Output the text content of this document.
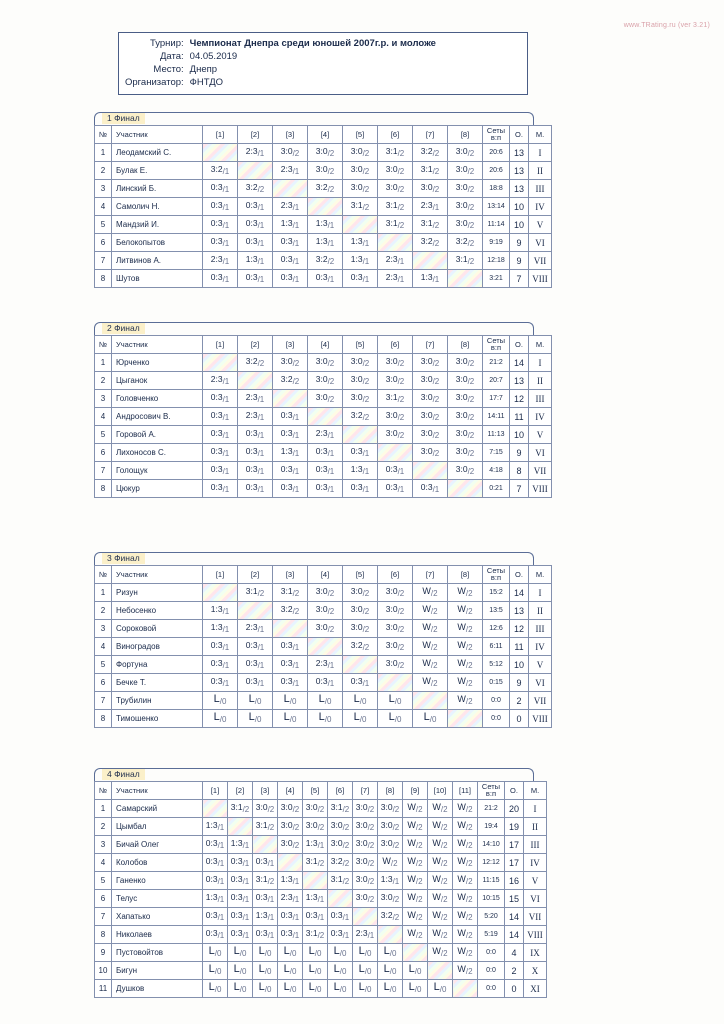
www.TRating.ru (ver 3.21)
Турнир:	Чемпионат Днепра среди юношей 2007г.р. и моложе
Дата:	04.05.2019
Место:	Днепр
Организатор:	ФНТДО
1 Финал
№	Участник	[1]	[2]	[3]	[4]	[5]	[6]	[7]	[8]	Сеты
в:п	О.	М.
1	Леодамский С.		$2:3_{/1}$	$3:0_{/2}$	$3:0_{/2}$	$3:0_{/2}$	$3:1_{/2}$	$3:2_{/2}$	$3:0_{/2}$	20:6	13	I
2	Булак Е.	$3:2_{/1}$		$2:3_{/1}$	$3:0_{/2}$	$3:0_{/2}$	$3:0_{/2}$	$3:1_{/2}$	$3:0_{/2}$	20:6	13	II
3	Линский Б.	$0:3_{/1}$	$3:2_{/2}$		$3:2_{/2}$	$3:0_{/2}$	$3:0_{/2}$	$3:0_{/2}$	$3:0_{/2}$	18:8	13	III
4	Самолич Н.	$0:3_{/1}$	$0:3_{/1}$	$2:3_{/1}$		$3:1_{/2}$	$3:1_{/2}$	$2:3_{/1}$	$3:0_{/2}$	13:14	10	IV
5	Мандзий И.	$0:3_{/1}$	$0:3_{/1}$	$1:3_{/1}$	$1:3_{/1}$		$3:1_{/2}$	$3:1_{/2}$	$3:0_{/2}$	11:14	10	V
6	Белокопытов	$0:3_{/1}$	$0:3_{/1}$	$0:3_{/1}$	$1:3_{/1}$	$1:3_{/1}$		$3:2_{/2}$	$3:2_{/2}$	9:19	9	VI
7	Литвинов А.	$2:3_{/1}$	$1:3_{/1}$	$0:3_{/1}$	$3:2_{/2}$	$1:3_{/1}$	$2:3_{/1}$		$3:1_{/2}$	12:18	9	VII
8	Шутов	$0:3_{/1}$	$0:3_{/1}$	$0:3_{/1}$	$0:3_{/1}$	$0:3_{/1}$	$2:3_{/1}$	$1:3_{/1}$		3:21	7	VIII
2 Финал
№	Участник	[1]	[2]	[3]	[4]	[5]	[6]	[7]	[8]	Сеты
в:п	О.	М.
1	Юрченко		$3:2_{/2}$	$3:0_{/2}$	$3:0_{/2}$	$3:0_{/2}$	$3:0_{/2}$	$3:0_{/2}$	$3:0_{/2}$	21:2	14	I
2	Цыганок	$2:3_{/1}$		$3:2_{/2}$	$3:0_{/2}$	$3:0_{/2}$	$3:0_{/2}$	$3:0_{/2}$	$3:0_{/2}$	20:7	13	II
3	Головченко	$0:3_{/1}$	$2:3_{/1}$		$3:0_{/2}$	$3:0_{/2}$	$3:1_{/2}$	$3:0_{/2}$	$3:0_{/2}$	17:7	12	III
4	Андросович В.	$0:3_{/1}$	$2:3_{/1}$	$0:3_{/1}$		$3:2_{/2}$	$3:0_{/2}$	$3:0_{/2}$	$3:0_{/2}$	14:11	11	IV
5	Горовой А.	$0:3_{/1}$	$0:3_{/1}$	$0:3_{/1}$	$2:3_{/1}$		$3:0_{/2}$	$3:0_{/2}$	$3:0_{/2}$	11:13	10	V
6	Лихоносов С.	$0:3_{/1}$	$0:3_{/1}$	$1:3_{/1}$	$0:3_{/1}$	$0:3_{/1}$		$3:0_{/2}$	$3:0_{/2}$	7:15	9	VI
7	Голощук	$0:3_{/1}$	$0:3_{/1}$	$0:3_{/1}$	$0:3_{/1}$	$1:3_{/1}$	$0:3_{/1}$		$3:0_{/2}$	4:18	8	VII
8	Цюкур	$0:3_{/1}$	$0:3_{/1}$	$0:3_{/1}$	$0:3_{/1}$	$0:3_{/1}$	$0:3_{/1}$	$0:3_{/1}$		0:21	7	VIII
3 Финал
№	Участник	[1]	[2]	[3]	[4]	[5]	[6]	[7]	[8]	Сеты
в:п	О.	М.
1	Ризун		$3:1_{/2}$	$3:1_{/2}$	$3:0_{/2}$	$3:0_{/2}$	$3:0_{/2}$	$W_{/2}$	$W_{/2}$	15:2	14	I
2	Небосенко	$1:3_{/1}$		$3:2_{/2}$	$3:0_{/2}$	$3:0_{/2}$	$3:0_{/2}$	$W_{/2}$	$W_{/2}$	13:5	13	II
3	Сороковой	$1:3_{/1}$	$2:3_{/1}$		$3:0_{/2}$	$3:0_{/2}$	$3:0_{/2}$	$W_{/2}$	$W_{/2}$	12:6	12	III
4	Виноградов	$0:3_{/1}$	$0:3_{/1}$	$0:3_{/1}$		$3:2_{/2}$	$3:0_{/2}$	$W_{/2}$	$W_{/2}$	6:11	11	IV
5	Фортуна	$0:3_{/1}$	$0:3_{/1}$	$0:3_{/1}$	$2:3_{/1}$		$3:0_{/2}$	$W_{/2}$	$W_{/2}$	5:12	10	V
6	Бечке Т.	$0:3_{/1}$	$0:3_{/1}$	$0:3_{/1}$	$0:3_{/1}$	$0:3_{/1}$		$W_{/2}$	$W_{/2}$	0:15	9	VI
7	Трубилин	$L_{/0}$	$L_{/0}$	$L_{/0}$	$L_{/0}$	$L_{/0}$	$L_{/0}$		$W_{/2}$	0:0	2	VII
8	Тимошенко	$L_{/0}$	$L_{/0}$	$L_{/0}$	$L_{/0}$	$L_{/0}$	$L_{/0}$	$L_{/0}$		0:0	0	VIII
4 Финал
№	Участник	[1]	[2]	[3]	[4]	[5]	[6]	[7]	[8]	[9]	[10]	[11]	Сеты
в:п	О.	М.
1	Самарский		$3:1_{/2}$	$3:0_{/2}$	$3:0_{/2}$	$3:0_{/2}$	$3:1_{/2}$	$3:0_{/2}$	$3:0_{/2}$	$W_{/2}$	$W_{/2}$	$W_{/2}$	21:2	20	I
2	Цымбал	$1:3_{/1}$		$3:1_{/2}$	$3:0_{/2}$	$3:0_{/2}$	$3:0_{/2}$	$3:0_{/2}$	$3:0_{/2}$	$W_{/2}$	$W_{/2}$	$W_{/2}$	19:4	19	II
3	Бичай Олег	$0:3_{/1}$	$1:3_{/1}$		$3:0_{/2}$	$1:3_{/1}$	$3:0_{/2}$	$3:0_{/2}$	$3:0_{/2}$	$W_{/2}$	$W_{/2}$	$W_{/2}$	14:10	17	III
4	Колобов	$0:3_{/1}$	$0:3_{/1}$	$0:3_{/1}$		$3:1_{/2}$	$3:2_{/2}$	$3:0_{/2}$	$W_{/2}$	$W_{/2}$	$W_{/2}$	$W_{/2}$	12:12	17	IV
5	Ганенко	$0:3_{/1}$	$0:3_{/1}$	$3:1_{/2}$	$1:3_{/1}$		$3:1_{/2}$	$3:0_{/2}$	$1:3_{/1}$	$W_{/2}$	$W_{/2}$	$W_{/2}$	11:15	16	V
6	Телус	$1:3_{/1}$	$0:3_{/1}$	$0:3_{/1}$	$2:3_{/1}$	$1:3_{/1}$		$3:0_{/2}$	$3:0_{/2}$	$W_{/2}$	$W_{/2}$	$W_{/2}$	10:15	15	VI
7	Хапатько	$0:3_{/1}$	$0:3_{/1}$	$1:3_{/1}$	$0:3_{/1}$	$0:3_{/1}$	$0:3_{/1}$		$3:2_{/2}$	$W_{/2}$	$W_{/2}$	$W_{/2}$	5:20	14	VII
8	Николаев	$0:3_{/1}$	$0:3_{/1}$	$0:3_{/1}$	$0:3_{/1}$	$3:1_{/2}$	$0:3_{/1}$	$2:3_{/1}$		$W_{/2}$	$W_{/2}$	$W_{/2}$	5:19	14	VIII
9	Пустовойтов	$L_{/0}$	$L_{/0}$	$L_{/0}$	$L_{/0}$	$L_{/0}$	$L_{/0}$	$L_{/0}$	$L_{/0}$		$W_{/2}$	$W_{/2}$	0:0	4	IX
10	Бигун	$L_{/0}$	$L_{/0}$	$L_{/0}$	$L_{/0}$	$L_{/0}$	$L_{/0}$	$L_{/0}$	$L_{/0}$	$L_{/0}$		$W_{/2}$	0:0	2	X
11	Душков	$L_{/0}$	$L_{/0}$	$L_{/0}$	$L_{/0}$	$L_{/0}$	$L_{/0}$	$L_{/0}$	$L_{/0}$	$L_{/0}$	$L_{/0}$		0:0	0	XI
